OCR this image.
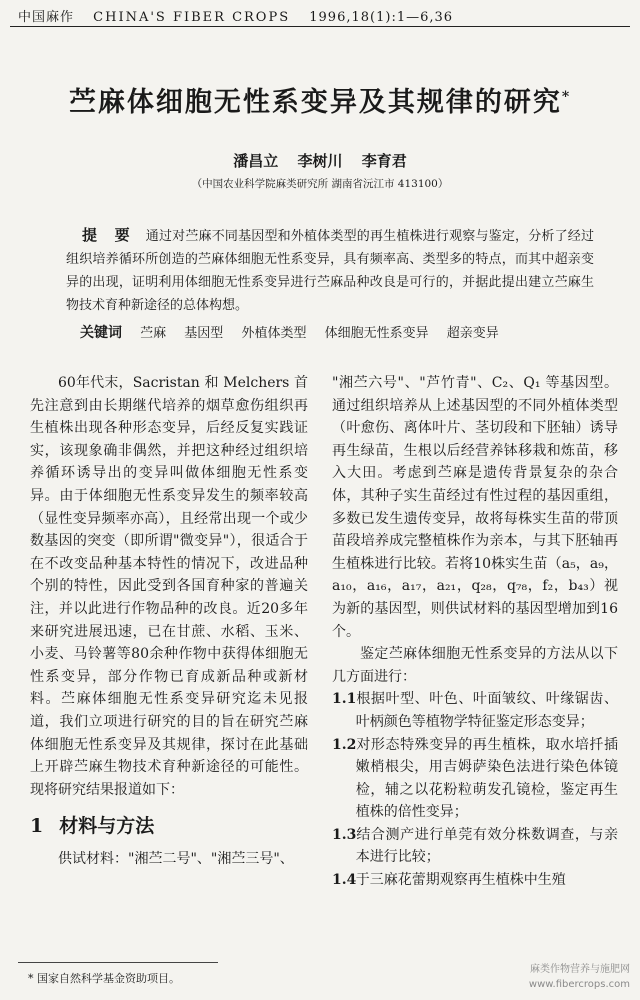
中国麻作 CHINA'S FIBER CROPS 1996,18(1):1—6,36
苎麻体细胞无性系变异及其规律的研究*
潘昌立 李树川 李育君
（中国农业科学院麻类研究所 湖南省沅江市 413100）
提 要 通过对苎麻不同基因型和外植体类型的再生植株进行观察与鉴定，分析了经过组织培养循环所创造的苎麻体细胞无性系变异，具有频率高、类型多的特点，而其中超亲变异的出现，证明利用体细胞无性系变异进行苎麻品种改良是可行的，并据此提出建立苎麻生物技术育种新途径的总体构想。
关键词 苎麻 基因型 外植体类型 体细胞无性系变异 超亲变异

60年代末，Sacristan 和 Melchers 首先注意到由长期继代培养的烟草愈伤组织再生植株出现各种形态变异，后经反复实践证实，该现象确非偶然，并把这种经过组织培养循环诱导出的变异叫做体细胞无性系变异。由于体细胞无性系变异发生的频率较高（显性变异频率亦高），且经常出现一个或少数基因的突变（即所谓"微变异"），很适合于在不改变品种基本特性的情况下，改进品种个别的特性，因此受到各国育种家的普遍关注，并以此进行作物品种的改良。近20多年来研究进展迅速，已在甘蔗、水稻、玉米、小麦、马铃薯等80余种作物中获得体细胞无性系变异，部分作物已育成新品种或新材料。苎麻体细胞无性系变异研究迄未见报道，我们立项进行研究的目的旨在研究苎麻体细胞无性系变异及其规律，探讨在此基础上开辟苎麻生物技术育种新途径的可能性。现将研究结果报道如下：

1 材料与方法

供试材料："湘苎二号"、"湘苎三号"、

"湘苎六号"、"芦竹青"、C₂、Q₁ 等基因型。通过组织培养从上述基因型的不同外植体类型（叶愈伤、离体叶片、茎切段和下胚轴）诱导再生绿苗，生根以后经营养钵移栽和炼苗，移入大田。考虑到苎麻是遗传背景复杂的杂合体，其种子实生苗经过有性过程的基因重组，多数已发生遗传变异，故将每株实生苗的带顶苗段培养成完整植株作为亲本，与其下胚轴再生植株进行比较。若将10株实生苗（a₅，a₉，a₁₀，a₁₆，a₁₇，a₂₁，q₂₈，q₇₈，f₂，b₄₃）视为新的基因型，则供试材料的基因型增加到16个。

鉴定苎麻体细胞无性系变异的方法从以下几方面进行：

1.1根据叶型、叶色、叶面皱纹、叶缘锯齿、叶柄颜色等植物学特征鉴定形态变异；

1.2对形态特殊变异的再生植株，取水培扦插嫩梢根尖，用吉姆萨染色法进行染色体镜检，辅之以花粉粒萌发孔镜检，鉴定再生植株的倍性变异；

1.3结合测产进行单莞有效分株数调查，与亲本进行比较；

1.4于三麻花蕾期观察再生植株中生殖

* 国家自然科学基金资助项目。
麻类作物营养与施肥网
www.fibercrops.com
